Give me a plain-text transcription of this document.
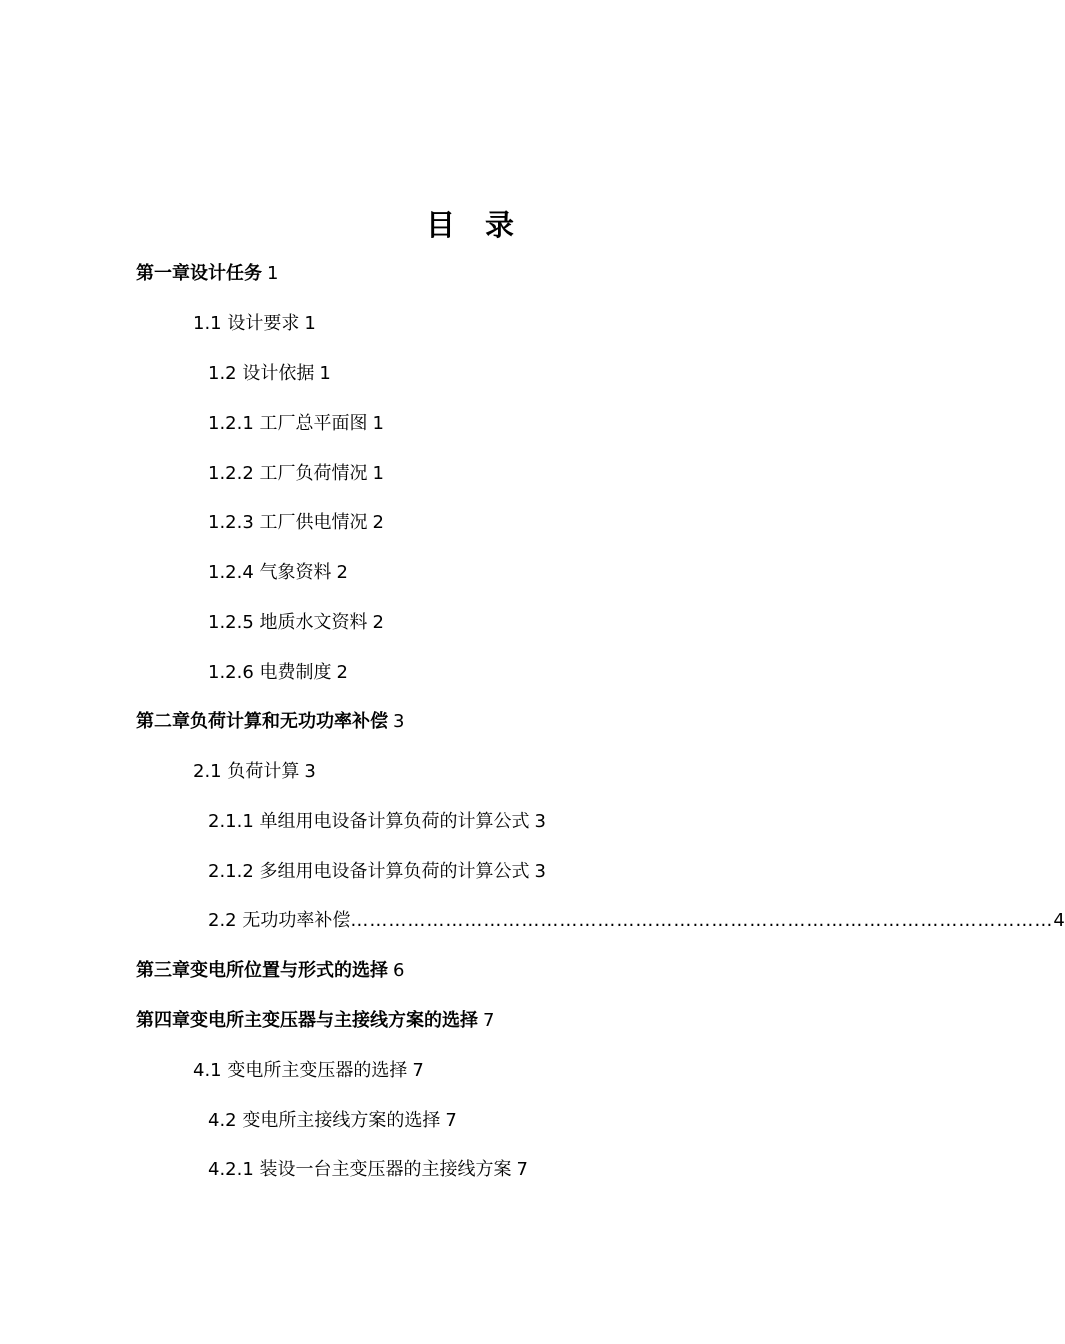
目 录
第一章设计任务 1
1.1 设计要求 1
1.2 设计依据 1
1.2.1 工厂总平面图 1
1.2.2 工厂负荷情况 1
1.2.3 工厂供电情况 2
1.2.4 气象资料 2
1.2.5 地质水文资料 2
1.2.6 电费制度 2
第二章负荷计算和无功功率补偿 3
2.1 负荷计算 3
2.1.1 单组用电设备计算负荷的计算公式 3
2.1.2 多组用电设备计算负荷的计算公式 3
2.2 无功功率补偿 ………………………………………………………………………………………………… 4
第三章变电所位置与形式的选择 6
第四章变电所主变压器与主接线方案的选择 7
4.1 变电所主变压器的选择 7
4.2 变电所主接线方案的选择 7
4.2.1 装设一台主变压器的主接线方案 7
